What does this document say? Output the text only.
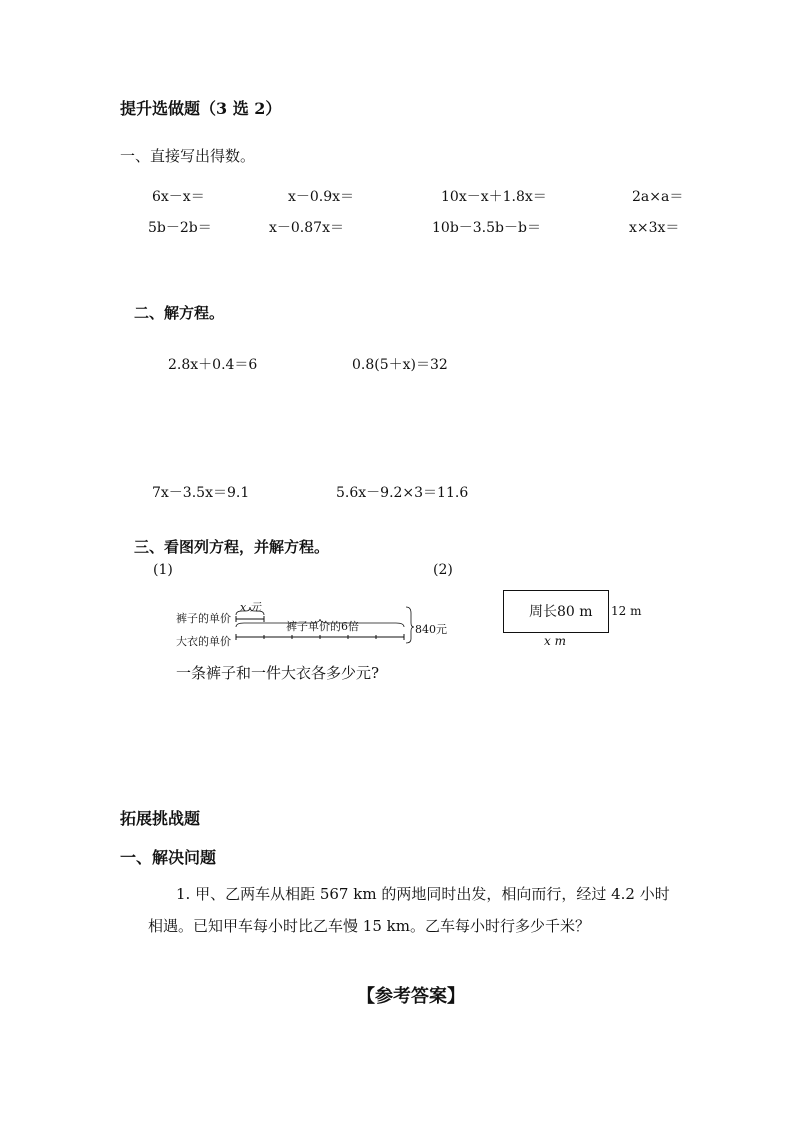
提升选做题（3 选 2）
一、直接写出得数。
6x－x＝	x－0.9x＝	10x－x＋1.8x＝	2a×a＝
5b－2b＝	x－0.87x＝	10b－3.5b－b＝	x×3x＝
二、解方程。
2.8x＋0.4＝6	0.8(5＋x)＝32
7x－3.5x＝9.1	5.6x－9.2×3＝11.6
三、看图列方程，并解方程。
(1)	(2)
裤子的单价
大衣的单价
x 元
裤子单价的6倍	840元
一条裤子和一件大衣各多少元?
周长80 m 12 m
x m
拓展挑战题
一、解决问题
1. 甲、乙两车从相距 567 km 的两地同时出发，相向而行，经过 4.2 小时
相遇。已知甲车每小时比乙车慢 15 km。乙车每小时行多少千米？
【参考答案】
